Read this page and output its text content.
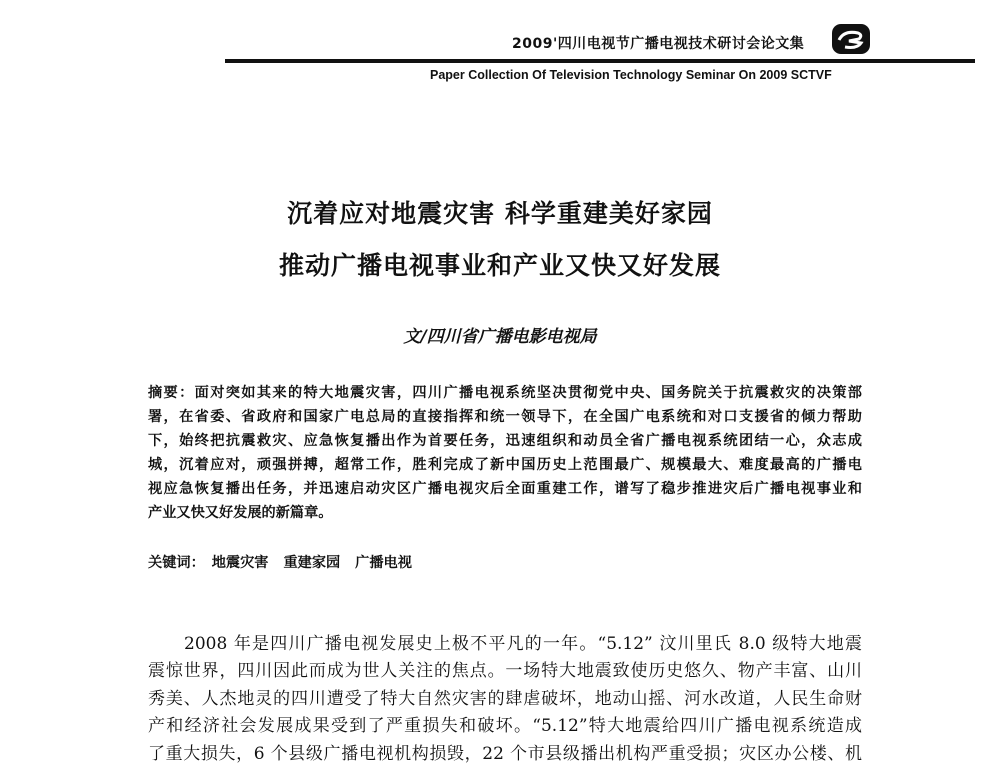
2009'四川电视节广播电视技术研讨会论文集
Paper Collection Of Television Technology Seminar On 2009 SCTVF
沉着应对地震灾害 科学重建美好家园
推动广播电视事业和产业又快又好发展
文/四川省广播电影电视局
摘要：面对突如其来的特大地震灾害，四川广播电视系统坚决贯彻党中央、国务院关于抗震救灾的决策部
署，在省委、省政府和国家广电总局的直接指挥和统一领导下，在全国广电系统和对口支援省的倾力帮助
下，始终把抗震救灾、应急恢复播出作为首要任务，迅速组织和动员全省广播电视系统团结一心，众志成
城，沉着应对，顽强拼搏，超常工作，胜利完成了新中国历史上范围最广、规模最大、难度最高的广播电
视应急恢复播出任务，并迅速启动灾区广播电视灾后全面重建工作，谱写了稳步推进灾后广播电视事业和
产业又快又好发展的新篇章。
关键词： 地震灾害 重建家园 广播电视
2008 年是四川广播电视发展史上极不平凡的一年。“5.12” 汶川里氏 8.0 级特大地震
震惊世界，四川因此而成为世人关注的焦点。一场特大地震致使历史悠久、物产丰富、山川
秀美、人杰地灵的四川遭受了特大自然灾害的肆虐破坏，地动山摇、河水改道，人民生命财
产和经济社会发展成果受到了严重损失和破坏。“5.12”特大地震给四川广播电视系统造成
了重大损失，6 个县级广播电视机构损毁，22 个市县级播出机构严重受损；灾区办公楼、机
